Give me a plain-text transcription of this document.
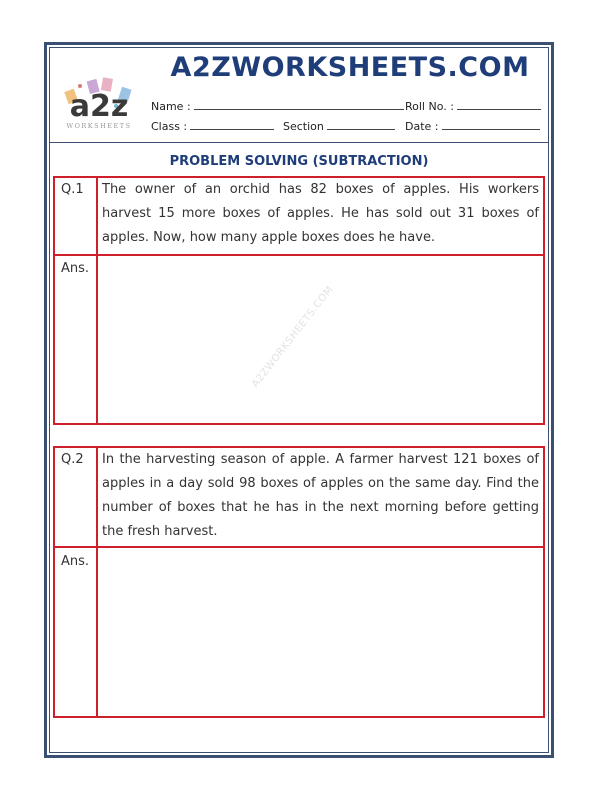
A2ZWORKSHEETS.COM
a2z
WORKSHEETS
Name :	Roll No. :
Class :	Section	Date :
PROBLEM SOLVING (SUBTRACTION)
Q.1 The owner of an orchid has 82 boxes of apples. His workers harvest 15 more boxes of apples. He has sold out 31 boxes of apples. Now, how many apple boxes does he have.
Ans.
Q.2 In the harvesting season of apple. A farmer harvest 121 boxes of apples in a day sold 98 boxes of apples on the same day. Find the number of boxes that he has in the next morning before getting the fresh harvest.
Ans.
A2ZWORKSHEETS.COM
